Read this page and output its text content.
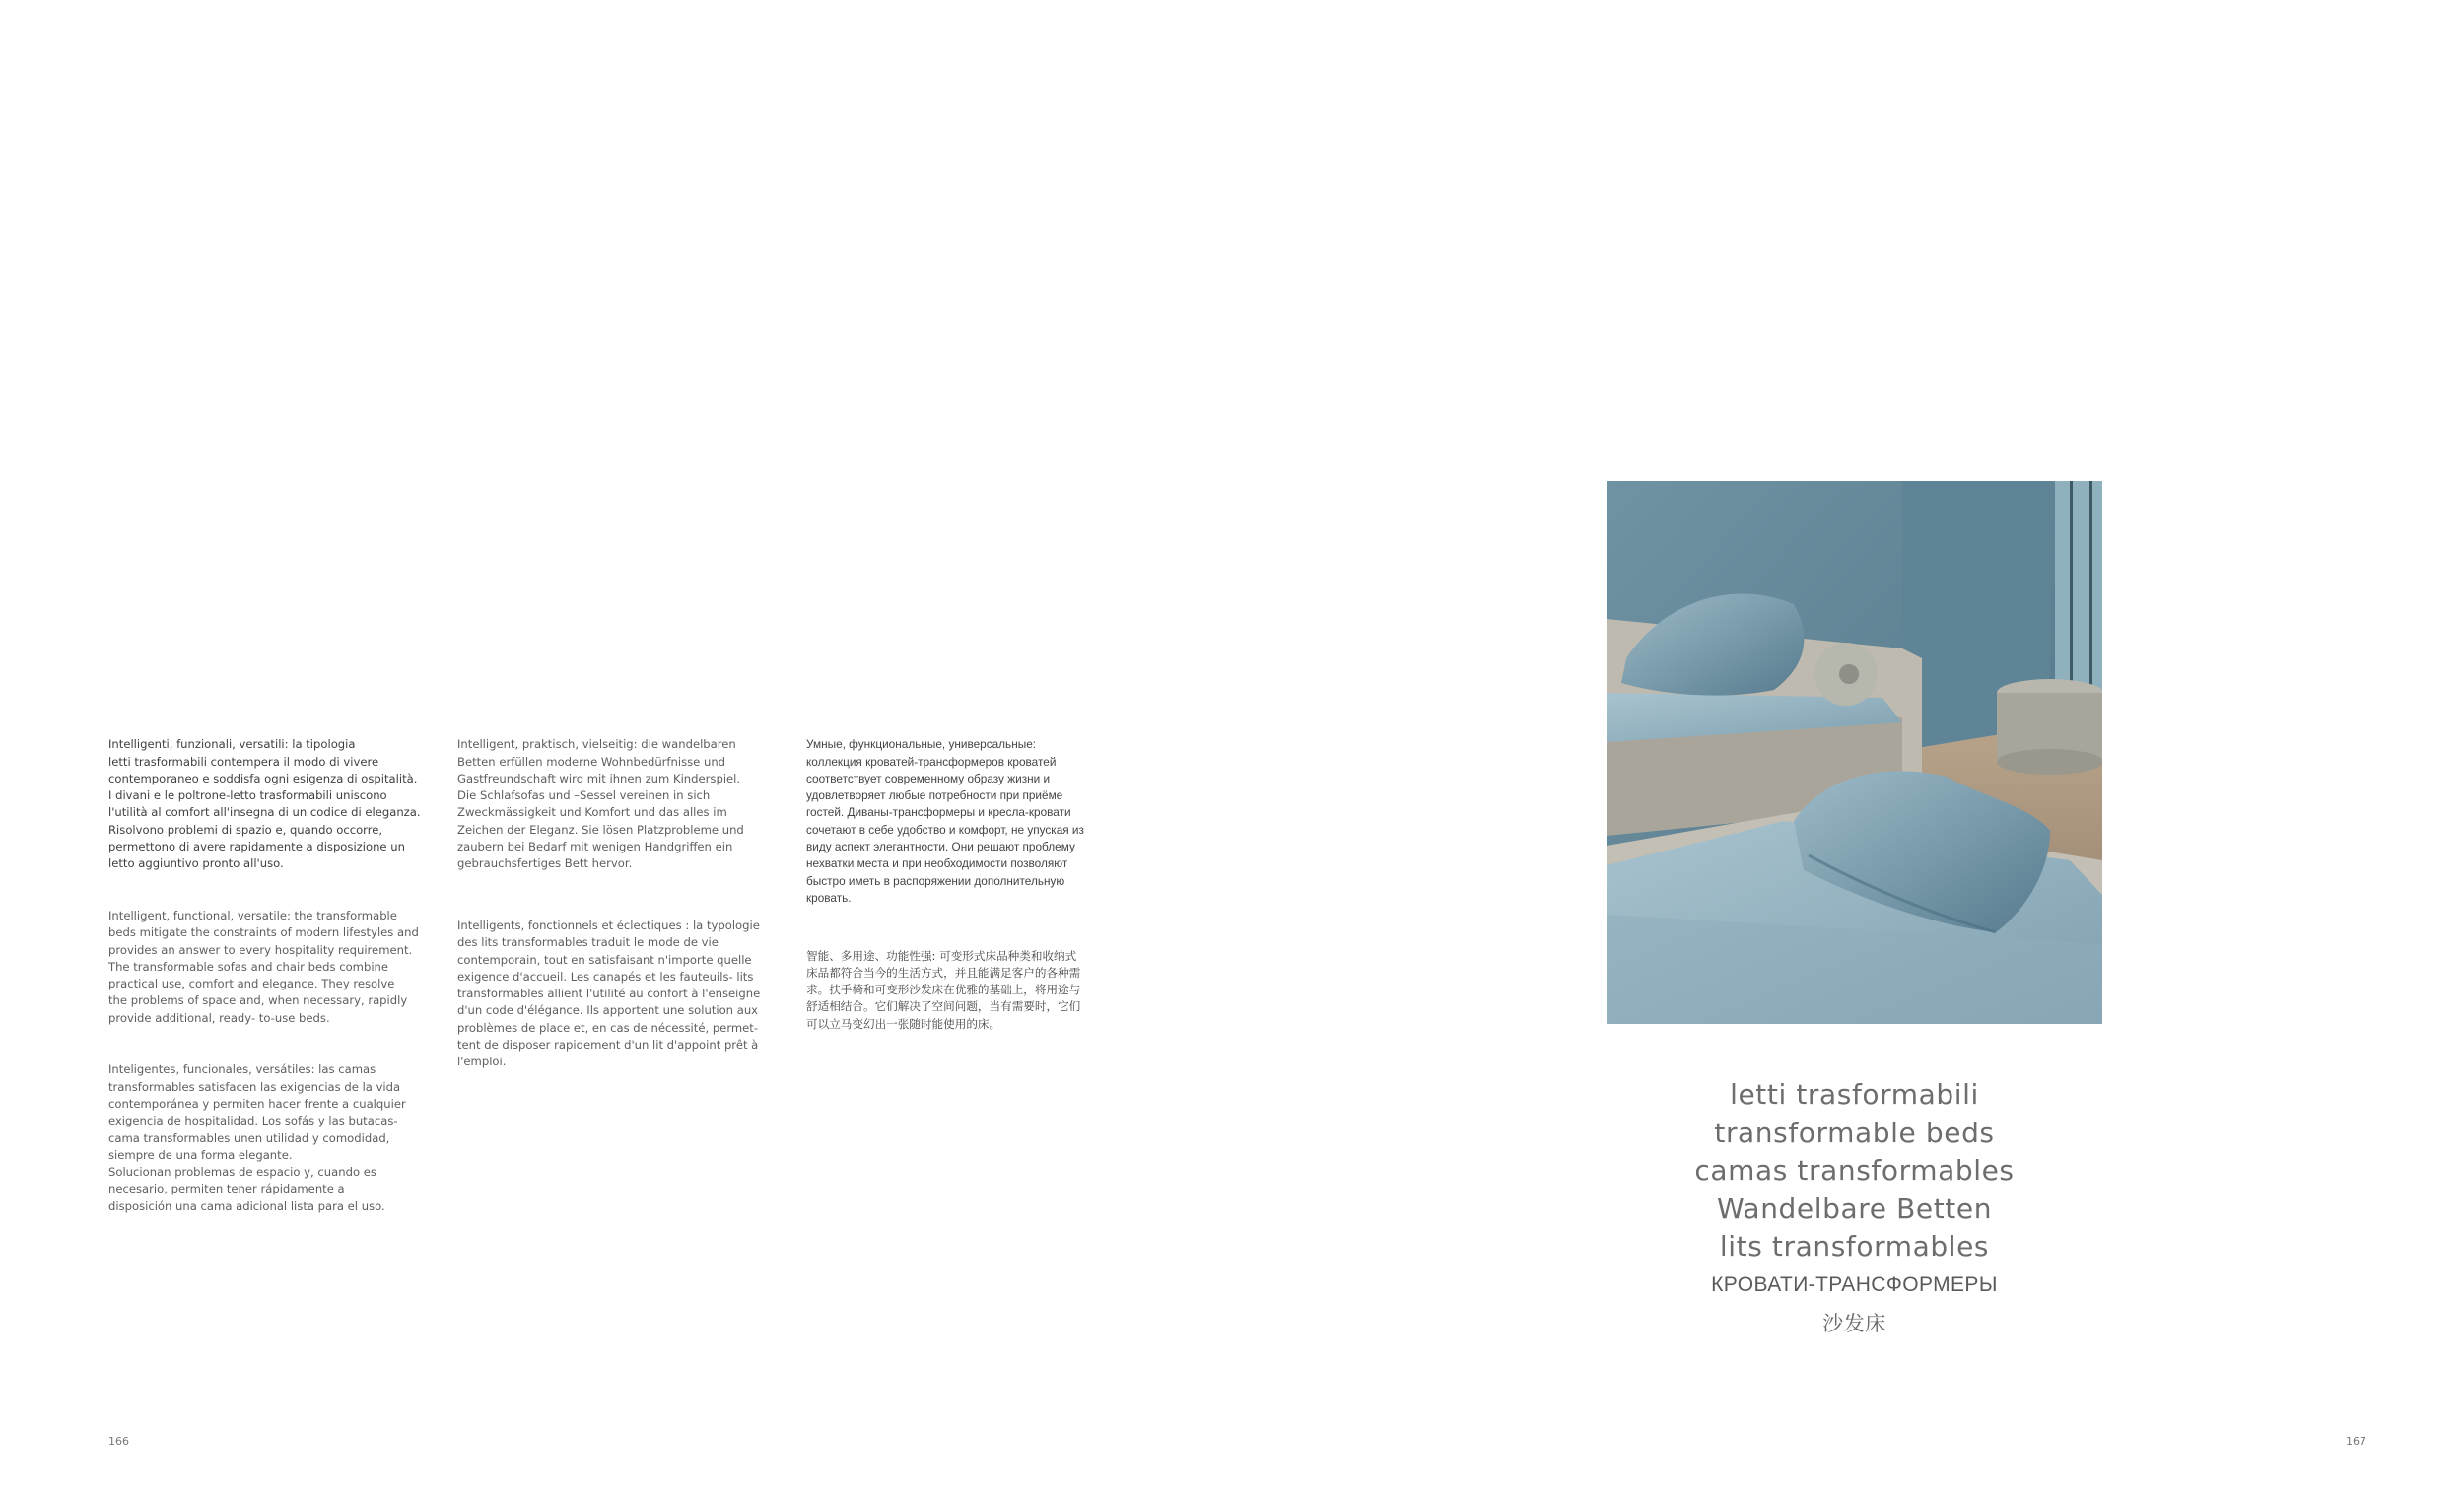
Intelligenti, funzionali, versatili: la tipologia
letti trasformabili contempera il modo di vivere
contemporaneo e soddisfa ogni esigenza di ospitalità.
I divani e le poltrone-letto trasformabili uniscono
l'utilità al comfort all'insegna di un codice di eleganza.
Risolvono problemi di spazio e, quando occorre,
permettono di avere rapidamente a disposizione un
letto aggiuntivo pronto all'uso.

Intelligent, functional, versatile: the transformable
beds mitigate the constraints of modern lifestyles and
provides an answer to every hospitality requirement.
The transformable sofas and chair beds combine
practical use, comfort and elegance. They resolve
the problems of space and, when necessary, rapidly
provide additional, ready- to-use beds.

Inteligentes, funcionales, versátiles: las camas
transformables satisfacen las exigencias de la vida
contemporánea y permiten hacer frente a cualquier
exigencia de hospitalidad. Los sofás y las butacas-
cama transformables unen utilidad y comodidad,
siempre de una forma elegante.
Solucionan problemas de espacio y, cuando es
necesario, permiten tener rápidamente a
disposición una cama adicional lista para el uso.

Intelligent, praktisch, vielseitig: die wandelbaren
Betten erfüllen moderne Wohnbedürfnisse und
Gastfreundschaft wird mit ihnen zum Kinderspiel.
Die Schlafsofas und –Sessel vereinen in sich
Zweckmässigkeit und Komfort und das alles im
Zeichen der Eleganz. Sie lösen Platzprobleme und
zaubern bei Bedarf mit wenigen Handgriffen ein
gebrauchsfertiges Bett hervor.

Intelligents, fonctionnels et éclectiques : la typologie
des lits transformables traduit le mode de vie
contemporain, tout en satisfaisant n'importe quelle
exigence d'accueil. Les canapés et les fauteuils- lits
transformables allient l'utilité au confort à l'enseigne
d'un code d'élégance. Ils apportent une solution aux
problèmes de place et, en cas de nécessité, permet-
tent de disposer rapidement d'un lit d'appoint prêt à
l'emploi.

Умные, функциональные, универсальные:
коллекция кроватей-трансформеров кроватей
соответствует современному образу жизни и
удовлетворяет любые потребности при приёме
гостей. Диваны-трансформеры и кресла-кровати
сочетают в себе удобство и комфорт, не упуская из
виду аспект элегантности. Они решают проблему
нехватки места и при необходимости позволяют
быстро иметь в распоряжении дополнительную
кровать.

智能、多用途、功能性强: 可变形式床品种类和收纳式
床品都符合当今的生活方式，并且能满足客户的各种需
求。扶手椅和可变形沙发床在优雅的基础上，将用途与
舒适相结合。它们解决了空间问题，当有需要时，它们
可以立马变幻出一张随时能使用的床。

166	167
letti trasformabili
transformable beds
camas transformables
Wandelbare Betten
lits transformables
КРОВАТИ-ТРАНСФОРМЕРЫ
沙发床
